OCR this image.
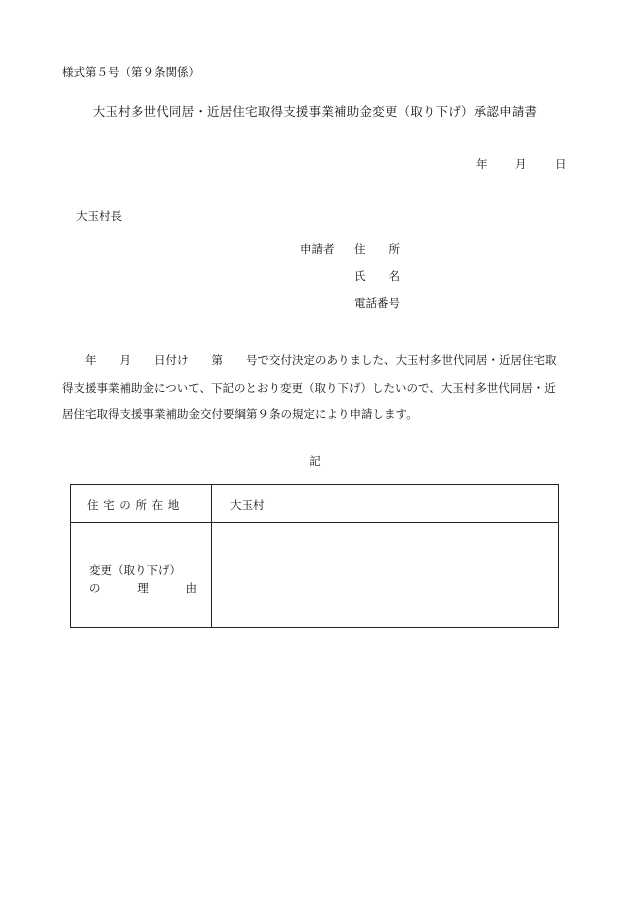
様式第５号（第９条関係）
大玉村多世代同居・近居住宅取得支援事業補助金変更（取り下げ）承認申請書
年 月 日
大玉村長
申請者 住　　所
氏　　名
電話番号
　　年　　月　　日付け　　第　　号で交付決定のありました、大玉村多世代同居・近居住宅取
得支援事業補助金について、下記のとおり変更（取り下げ）したいので、大玉村多世代同居・近
居住宅取得支援事業補助金交付要綱第９条の規定により申請します。
記
住 宅 の 所 在 地	大玉村
変更（取り下げ）
の	理	由
